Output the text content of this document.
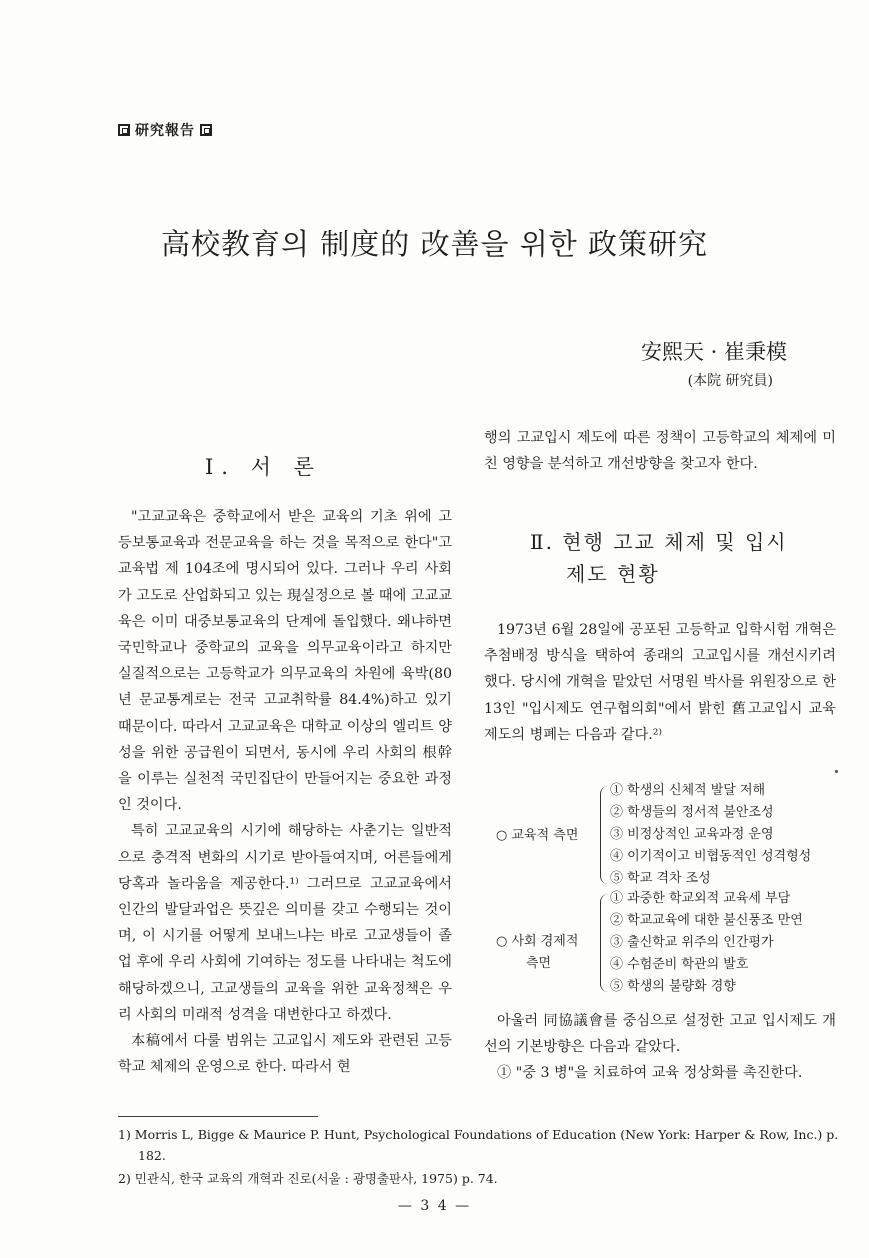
研究報告
高校教育의 制度的 改善을 위한 政策研究
安熙天 · 崔秉模
(本院 研究員)
I. 서 론

"고교교육은 중학교에서 받은 교육의 기초 위에 고등보통교육과 전문교육을 하는 것을 목적으로 한다"고교육법 제 104조에 명시되어 있다. 그러나 우리 사회가 고도로 산업화되고 있는 現실정으로 볼 때에 고교교육은 이미 대중보통교육의 단계에 돌입했다. 왜냐하면 국민학교나 중학교의 교육을 의무교육이라고 하지만 실질적으로는 고등학교가 의무교육의 차원에 육박(80년 문교통계로는 전국 고교취학률 84.4%)하고 있기 때문이다. 따라서 고교교육은 대학교 이상의 엘리트 양성을 위한 공급원이 되면서, 동시에 우리 사회의 根幹을 이루는 실천적 국민집단이 만들어지는 중요한 과정인 것이다.

특히 고교교육의 시기에 해당하는 사춘기는 일반적으로 충격적 변화의 시기로 받아들여지며, 어른들에게 당혹과 놀라움을 제공한다.¹⁾ 그러므로 고교교육에서 인간의 발달과업은 뜻깊은 의미를 갖고 수행되는 것이며, 이 시기를 어떻게 보내느냐는 바로 고교생들이 졸업 후에 우리 사회에 기여하는 정도를 나타내는 척도에 해당하겠으니, 고교생들의 교육을 위한 교육정책은 우리 사회의 미래적 성격을 대변한다고 하겠다.

本稿에서 다룰 범위는 고교입시 제도와 관련된 고등학교 체제의 운영으로 한다. 따라서 현

행의 고교입시 제도에 따른 정책이 고등학교의 체제에 미친 영향을 분석하고 개선방향을 찾고자 한다.

Ⅱ. 현행 고교 체제 및 입시
제도 현황

1973년 6월 28일에 공포된 고등학교 입학시험 개혁은 추첨배정 방식을 택하여 종래의 고교입시를 개선시키려 했다. 당시에 개혁을 맡았던 서명원 박사를 위원장으로 한 13인 "입시제도 연구협의회"에서 밝힌 舊고교입시 교육제도의 병폐는 다음과 같다.²⁾

○ 교육적 측면
① 학생의 신체적 발달 저해
② 학생들의 정서적 불안조성
③ 비정상적인 교육과정 운영
④ 이기적이고 비협동적인 성격형성
⑤ 학교 격차 조성
○ 사회 경제적
측면
① 과중한 학교외적 교육세 부담
② 학교교육에 대한 불신풍조 만연
③ 출신학교 위주의 인간평가
④ 수험준비 학관의 발호
⑤ 학생의 불량화 경향

아울러 同協議會를 중심으로 설정한 고교 입시제도 개선의 기본방향은 다음과 같았다.

① "중 3 병"을 치료하여 교육 정상화를 촉진한다.

1) Morris L, Bigge & Maurice P. Hunt, Psychological Foundations of Education (New York: Harper & Row, Inc.) p. 182.
2) 민관식, 한국 교육의 개혁과 진로(서울 : 광명출판사, 1975) p. 74.
— 3 4 —
